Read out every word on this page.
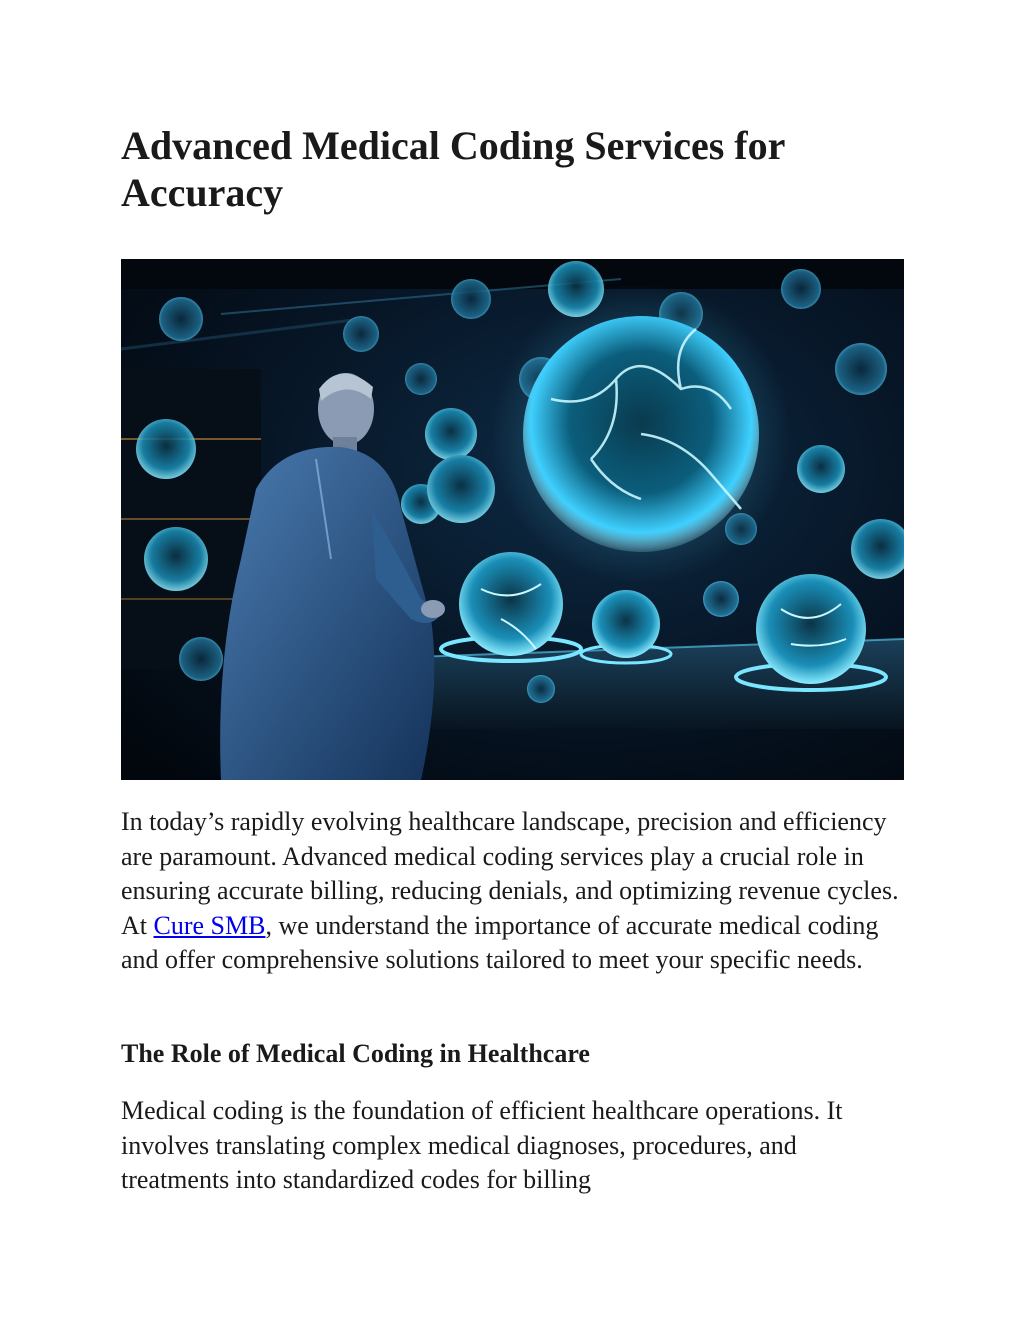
Advanced Medical Coding Services for Accuracy

In today’s rapidly evolving healthcare landscape, precision and efficiency are paramount. Advanced medical coding services play a crucial role in ensuring accurate billing, reducing denials, and optimizing revenue cycles. At Cure SMB, we understand the importance of accurate medical coding and offer comprehensive solutions tailored to meet your specific needs.

The Role of Medical Coding in Healthcare

Medical coding is the foundation of efficient healthcare operations. It involves translating complex medical diagnoses, procedures, and treatments into standardized codes for billing
